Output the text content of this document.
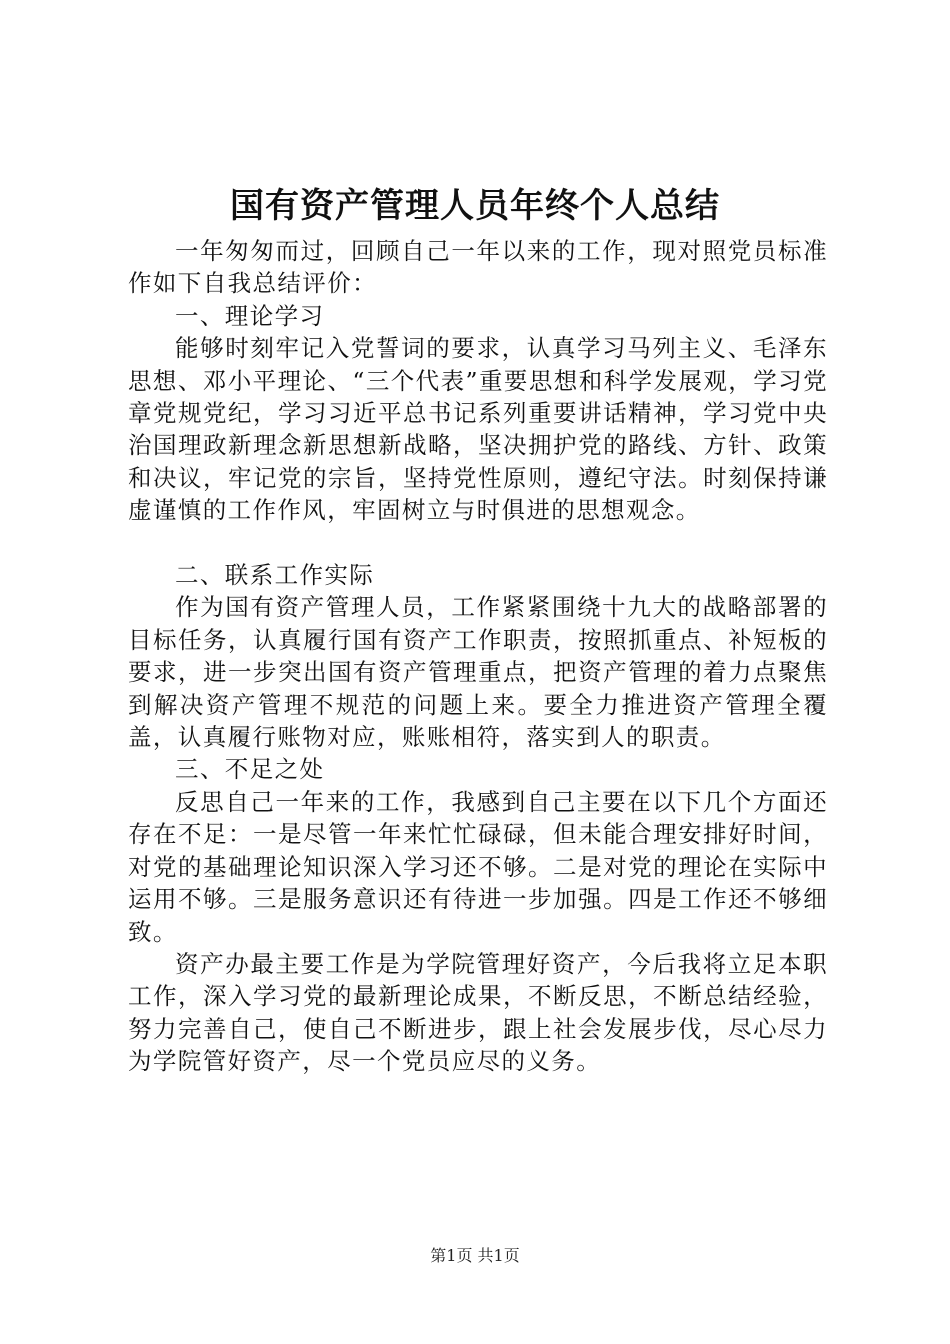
国有资产管理人员年终个人总结

一年匆匆而过，回顾自己一年以来的工作，现对照党员标准作如下自我总结评价：

一、理论学习

能够时刻牢记入党誓词的要求，认真学习马列主义、毛泽东思想、邓小平理论、“三个代表”重要思想和科学发展观，学习党章党规党纪，学习习近平总书记系列重要讲话精神，学习党中央治国理政新理念新思想新战略，坚决拥护党的路线、方针、政策和决议，牢记党的宗旨，坚持党性原则，遵纪守法。时刻保持谦虚谨慎的工作作风，牢固树立与时俱进的思想观念。

二、联系工作实际

作为国有资产管理人员，工作紧紧围绕十九大的战略部署的目标任务，认真履行国有资产工作职责，按照抓重点、补短板的要求，进一步突出国有资产管理重点，把资产管理的着力点聚焦到解决资产管理不规范的问题上来。要全力推进资产管理全覆盖，认真履行账物对应，账账相符，落实到人的职责。

三、不足之处

反思自己一年来的工作，我感到自己主要在以下几个方面还存在不足：一是尽管一年来忙忙碌碌，但未能合理安排好时间，对党的基础理论知识深入学习还不够。二是对党的理论在实际中运用不够。三是服务意识还有待进一步加强。四是工作还不够细致。

资产办最主要工作是为学院管理好资产，今后我将立足本职工作，深入学习党的最新理论成果，不断反思，不断总结经验，努力完善自己，使自己不断进步，跟上社会发展步伐，尽心尽力为学院管好资产，尽一个党员应尽的义务。

第1页 共1页
